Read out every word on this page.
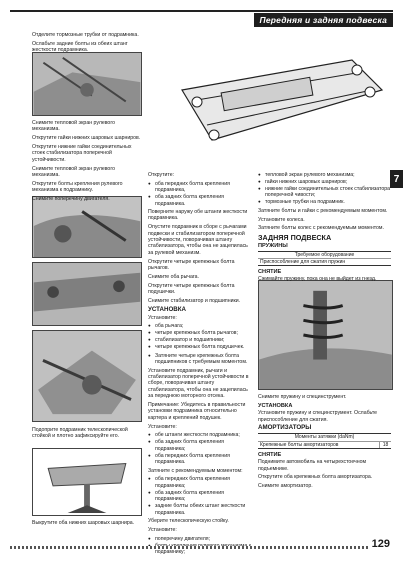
Передняя и задняя подвеска
7

Отделите тормозные трубки от подрамника.

Ослабьте задние болты из обеих штанг жесткости подрамника.

Снимите тепловой экран рулевого механизма.

Открутите гайки нижних шаровых шарниров.

Открутите нижние гайки соединительных стоек стабилизатора поперечной устойчивости.

Снимите тепловой экран рулевого механизма.

Открутите болты крепления рулевого механизма к подрамнику.

Снимите поперечину двигателя.

Подоприте подрамник телескопической стойкой и плотно зафиксируйте его.

Выкрутите оба нижних шаровых шарнира.

Открутите:

● оба передних болта крепления подрамника,
● оба задних болта крепления подрамника.

Поверните наружу обе штанги жесткости подрамника.

Опустите подрамник в сборе с рычагами подвески и стабилизатором поперечной устойчивости, поворачивая штангу стабилизатора, чтобы она не зацепилась за рулевой механизм.

Открутите четыре крепежных болта рычагов.

Снимите оба рычага.

Открутите четыре крепежных болта подушечки.

Снимите стабилизатор и подшипники.

УСТАНОВКА

Установите:

● оба рычага;
● четыре крепежных болта рычагов;
● стабилизатор и подшипники;
● четыре крепежных болта подушечек.
● Затяните четыре крепежных болта подшипников с требуемым моментом.

Установите подрамник, рычаги и стабилизатор поперечной устойчивости в сборе, поворачивая штангу стабилизатора, чтобы она не зацепилась за переднюю моторного отсека.

Примечание: Убедитесь в правильности установки подрамника относительно картера и креплений подушек.

Установите:

● обе штанги жесткости подрамника;
● оба задних болта крепления подрамника;
● оба передних болта крепления подрамника.

Затяните с рекомендуемым моментом:

● оба передних болта крепления подрамника;
● оба задних болта крепления подрамника;
● задние болты обеих штанг жесткости подрамника.

Уберите телескопическую стойку.

Установите:

● поперечину двигателя;
● подрамнику;
● тепловой экран рулевого механизма;
● гайки нижних шаровых шарниров;
● нижние гайки соединительных стоек стабилизатора поперечной чивости;
● тормозные трубки на подрамник.

Затяните болты и гайки с рекомендуемым моментом.

Установите колеса.

Затяните болты колес с рекомендуемым моментом.

ЗАДНЯЯ ПОДВЕСКА
ПРУЖИНЫ
Требуемое оборудование
Приспособление для сжатия пружин
СНЯТИЕ

Сжимайте пружину, пока она не выйдет из гнезд.

Снимите пружину и специнструмент.

УСТАНОВКА

Установите пружину и специнструмент. Ослабьте приспособление для сжатия.

АМОРТИЗАТОРЫ
Моменты затяжки (daNm)
Крепежные болты амортизаторов	18
СНЯТИЕ

Поднимите автомобиль на четырехстоечном подъемнике.

Открутите оба крепежных болта амортизатора.

Снимите амортизатор.

129
